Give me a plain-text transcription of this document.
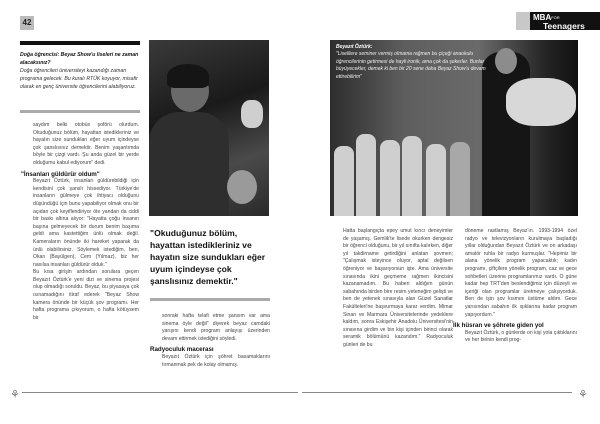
42
$MBA^{FOR}$
Teenagers
Doğa öğrencisi: Beyaz Show'u liseleri ne zaman alacaksınız?
Doğa öğrencileri üniversiteyi kazandığı zaman programa gelecek. Bu kuralı RTÜK koyuyor, misafir olarak en genç üniversite öğrencilerini alabiliyoruz.

saydım belki otobüs şoförü olurdum. Okuduğunuz bölüm, hayattan istedikleriniz ve hayatın size sundukları eğer uyum içindeyse çok şanslısınız demektir. Benim yaşantımda böyle bir çizgi vardı. Şu anda güzel bir yerde olduğumu kabul ediyorum" dedi.

"İnsanları güldürür oldum"

Beyazıt Öztürk, insanları güldürebildiği için kendisini çok şanslı hissediyor. Türkiye'de insanların gülmeye çok ihtiyacı olduğunu düşündüğü için bunu yapabiliyor olmak onu bir açıdan çok keyiflendiriyor öte yandan da ciddi bir baskı altına alıyor: "Hayatta çoğu insanın başına gelmeyecek bir durum benim başıma geldi ama kastettiğim ünlü olmak değil. Kameraların önünde iki hareket yaparak da ünlü olabilirsiniz. Söylemek istediğim, ben, Okan (Bayülgen), Cem (Yılmaz), biz her nasılsa insanları güldürür olduk."

Bu kısa girişin ardından sorulara geçen Beyazıt Öztürk'e yeni dizi ve sinema projesi olup olmadığı soruldu. Beyaz, bu piyasaya çok ısınamadığını itiraf ederek "Beyaz Show kamera önünde bir küçük şov programı. Her hafta programa çıkıyorum, o hafta kötüysem bir

"Okuduğunuz bölüm, hayattan istedikleriniz ve hayatın size sundukları eğer uyum içindeyse çok şanslısınız demektir."

sonraki hafta telafi etme şansım var ama sinema öyle değil" diyerek beyaz camdaki yarışını kendi program anlayışı üzerinden devam ettirmek istediğini söyledi.

Radyoculuk macerası

Beyazıt Öztürk için şöhret basamaklarını tırmanmak pek de kolay olmamış.

Beyazıt Öztürk:
"Liselilere seminer vermiş olmama rağmen bu çiçeği anaokulu öğrencilerinin getirmesi de hayli ironik, ama çok da şekerler. Bunlar büyüyecekler, demek ki ben bir 20 sene daha Beyaz Show'u devam ettirebilirim"

Hatta başlangıçta epey umut kırıcı deneyimler de yaşamış. Gemlik'te lisede okurken dengesiz bir öğrenci olduğunu, bir yıl sınıfta kalırken, diğer yıl takdirname getirdiğini anlatan şovmen; "Çalışmak isteyince oluyor, aptal değilsen öğreniyor ve başarıyorsun işte. Ama üniversite sınavında ikini geçmeme rağmen ikincisini kazanamadım. Bu haberi aldığım günün sabahında birden bire resim yeteneğim gelişti ve ben de yetenek sınavıyla alan Güzel Sanatlar Fakülteleri'ne başvurmaya karar verdim. Mimar Sinan ve Marmara Üniversitelerinde yedeklere kaldım, sonra Eskişehir Anadolu Üniversitesi'nin sınavına girdim ve bin kişi içinden birinci olarak seramik bölümünü kazandım." Radyoculuk günleri de bu

döneme rastlamış Beyaz'ın. 1993-1994 özel radyo ve televizyonların kurulmaya başladığı yıllar olduğundan Beyazıt Öztürk ve on arkadaşı amatör ruhla bir radyo kurmuşlar. "Hepimiz bir alana yönelik program yapacaktık; kadın programı, çiftçilere yönelik program, caz ve gece sohbetleri üzerine programlarımız vardı. O güne kadar hep TRT'den beslendiğimiz için düzeyli ve içeriği olan programlar üretmeye çalışıyorduk. Ben de işin şov kısmını üstüme aldım. Gece yarısından sabahın ilk ışıklarına kadar program yapıyordum."

İlk hüsran ve şöhrete giden yol

Beyazıt Öztürk, o günlerde on kişi yola çıktıklarını ve her birinin kendi prog-

⚘	⚘
